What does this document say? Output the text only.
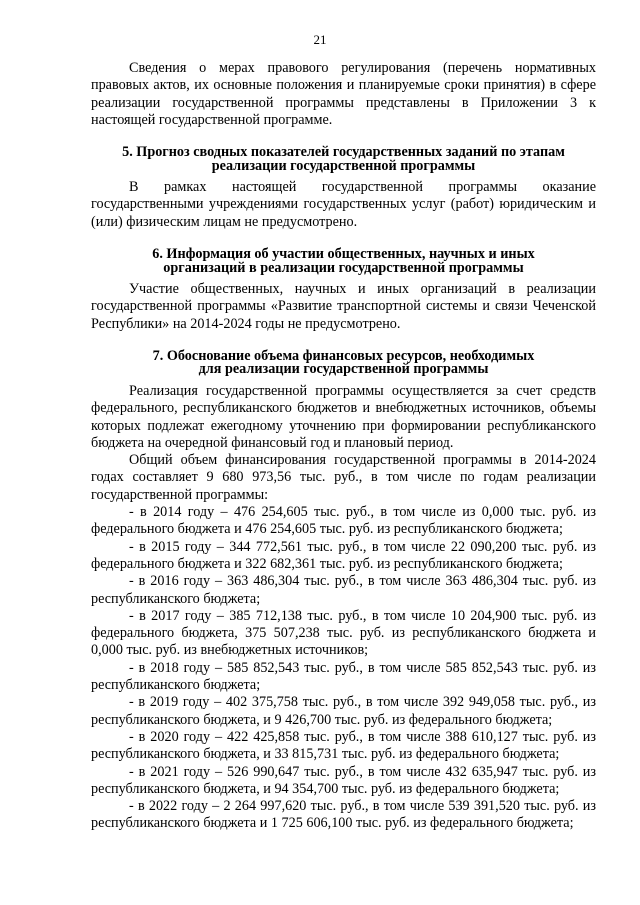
21

Сведения о мерах правового регулирования (перечень нормативных правовых актов, их основные положения и планируемые сроки принятия) в сфере реализации государственной программы представлены в Приложении 3 к настоящей государственной программе.

5. Прогноз сводных показателей государственных заданий по этапам
реализации государственной программы

В рамках настоящей государственной программы оказание государственными учреждениями государственных услуг (работ) юридическим и (или) физическим лицам не предусмотрено.

6. Информация об участии общественных, научных и иных
организаций в реализации государственной программы

Участие общественных, научных и иных организаций в реализации государственной программы «Развитие транспортной системы и связи Чеченской Республики» на 2014-2024 годы не предусмотрено.

7. Обоснование объема финансовых ресурсов, необходимых
для реализации государственной программы

Реализация государственной программы осуществляется за счет средств федерального, республиканского бюджетов и внебюджетных источников, объемы которых подлежат ежегодному уточнению при формировании республиканского бюджета на очередной финансовый год и плановый период.

Общий объем финансирования государственной программы в 2014-2024 годах составляет 9 680 973,56 тыс. руб., в том числе по годам реализации государственной программы:

- в 2014 году – 476 254,605 тыс. руб., в том числе из 0,000 тыс. руб. из федерального бюджета и 476 254,605 тыс. руб. из республиканского бюджета;

- в 2015 году – 344 772,561 тыс. руб., в том числе 22 090,200 тыс. руб. из федерального бюджета и 322 682,361 тыс. руб. из республиканского бюджета;

- в 2016 году – 363 486,304 тыс. руб., в том числе 363 486,304 тыс. руб. из республиканского бюджета;

- в 2017 году – 385 712,138 тыс. руб., в том числе 10 204,900 тыс. руб. из федерального бюджета, 375 507,238 тыс. руб. из республиканского бюджета и 0,000 тыс. руб. из внебюджетных источников;

- в 2018 году – 585 852,543 тыс. руб., в том числе 585 852,543 тыс. руб. из республиканского бюджета;

- в 2019 году – 402 375,758 тыс. руб., в том числе 392 949,058 тыс. руб., из республиканского бюджета, и 9 426,700 тыс. руб. из федерального бюджета;

- в 2020 году – 422 425,858 тыс. руб., в том числе 388 610,127 тыс. руб. из республиканского бюджета, и 33 815,731 тыс. руб. из федерального бюджета;

- в 2021 году – 526 990,647 тыс. руб., в том числе 432 635,947 тыс. руб. из республиканского бюджета, и 94 354,700 тыс. руб. из федерального бюджета;

- в 2022 году – 2 264 997,620 тыс. руб., в том числе 539 391,520 тыс. руб. из республиканского бюджета и 1 725 606,100 тыс. руб. из федерального бюджета;
